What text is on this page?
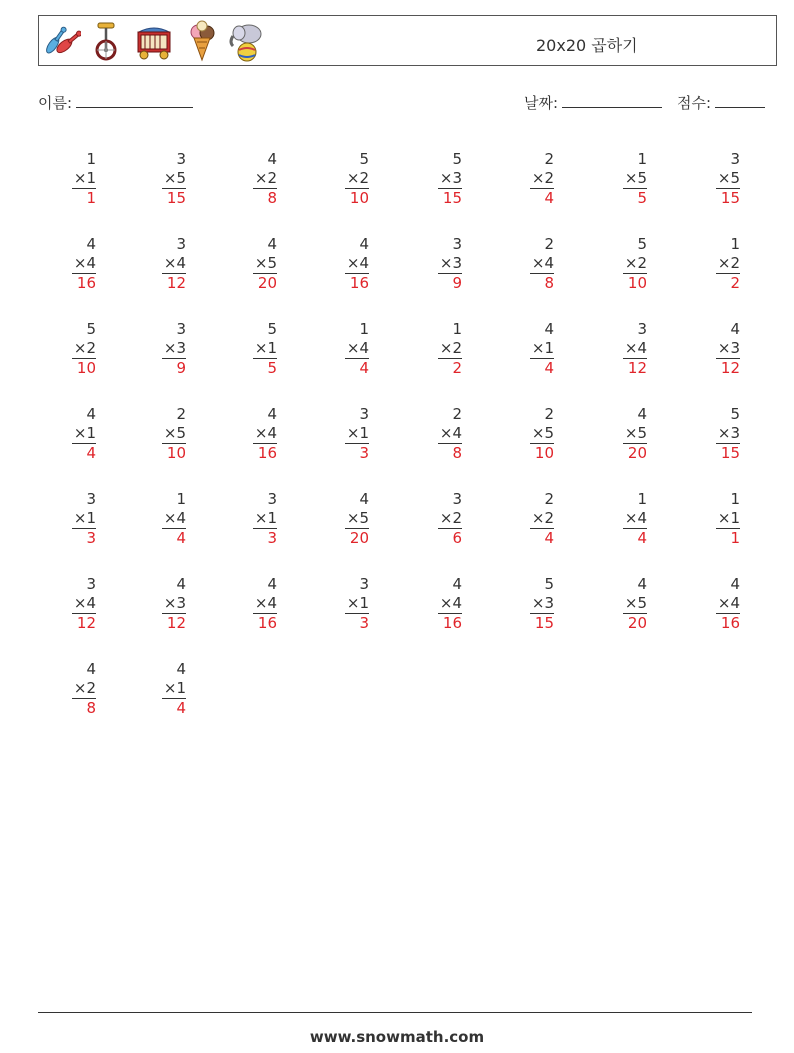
20x20 곱하기
이름:	날짜:	점수:
1
×1
1
3
×5
15
4
×2
8
5
×2
10
5
×3
15
2
×2
4
1
×5
5
3
×5
15
4
×4
16
3
×4
12
4
×5
20
4
×4
16
3
×3
9
2
×4
8
5
×2
10
1
×2
2
5
×2
10
3
×3
9
5
×1
5
1
×4
4
1
×2
2
4
×1
4
3
×4
12
4
×3
12
4
×1
4
2
×5
10
4
×4
16
3
×1
3
2
×4
8
2
×5
10
4
×5
20
5
×3
15
3
×1
3
1
×4
4
3
×1
3
4
×5
20
3
×2
6
2
×2
4
1
×4
4
1
×1
1
3
×4
12
4
×3
12
4
×4
16
3
×1
3
4
×4
16
5
×3
15
4
×5
20
4
×4
16
4
×2
8
4
×1
4
www.snowmath.com
